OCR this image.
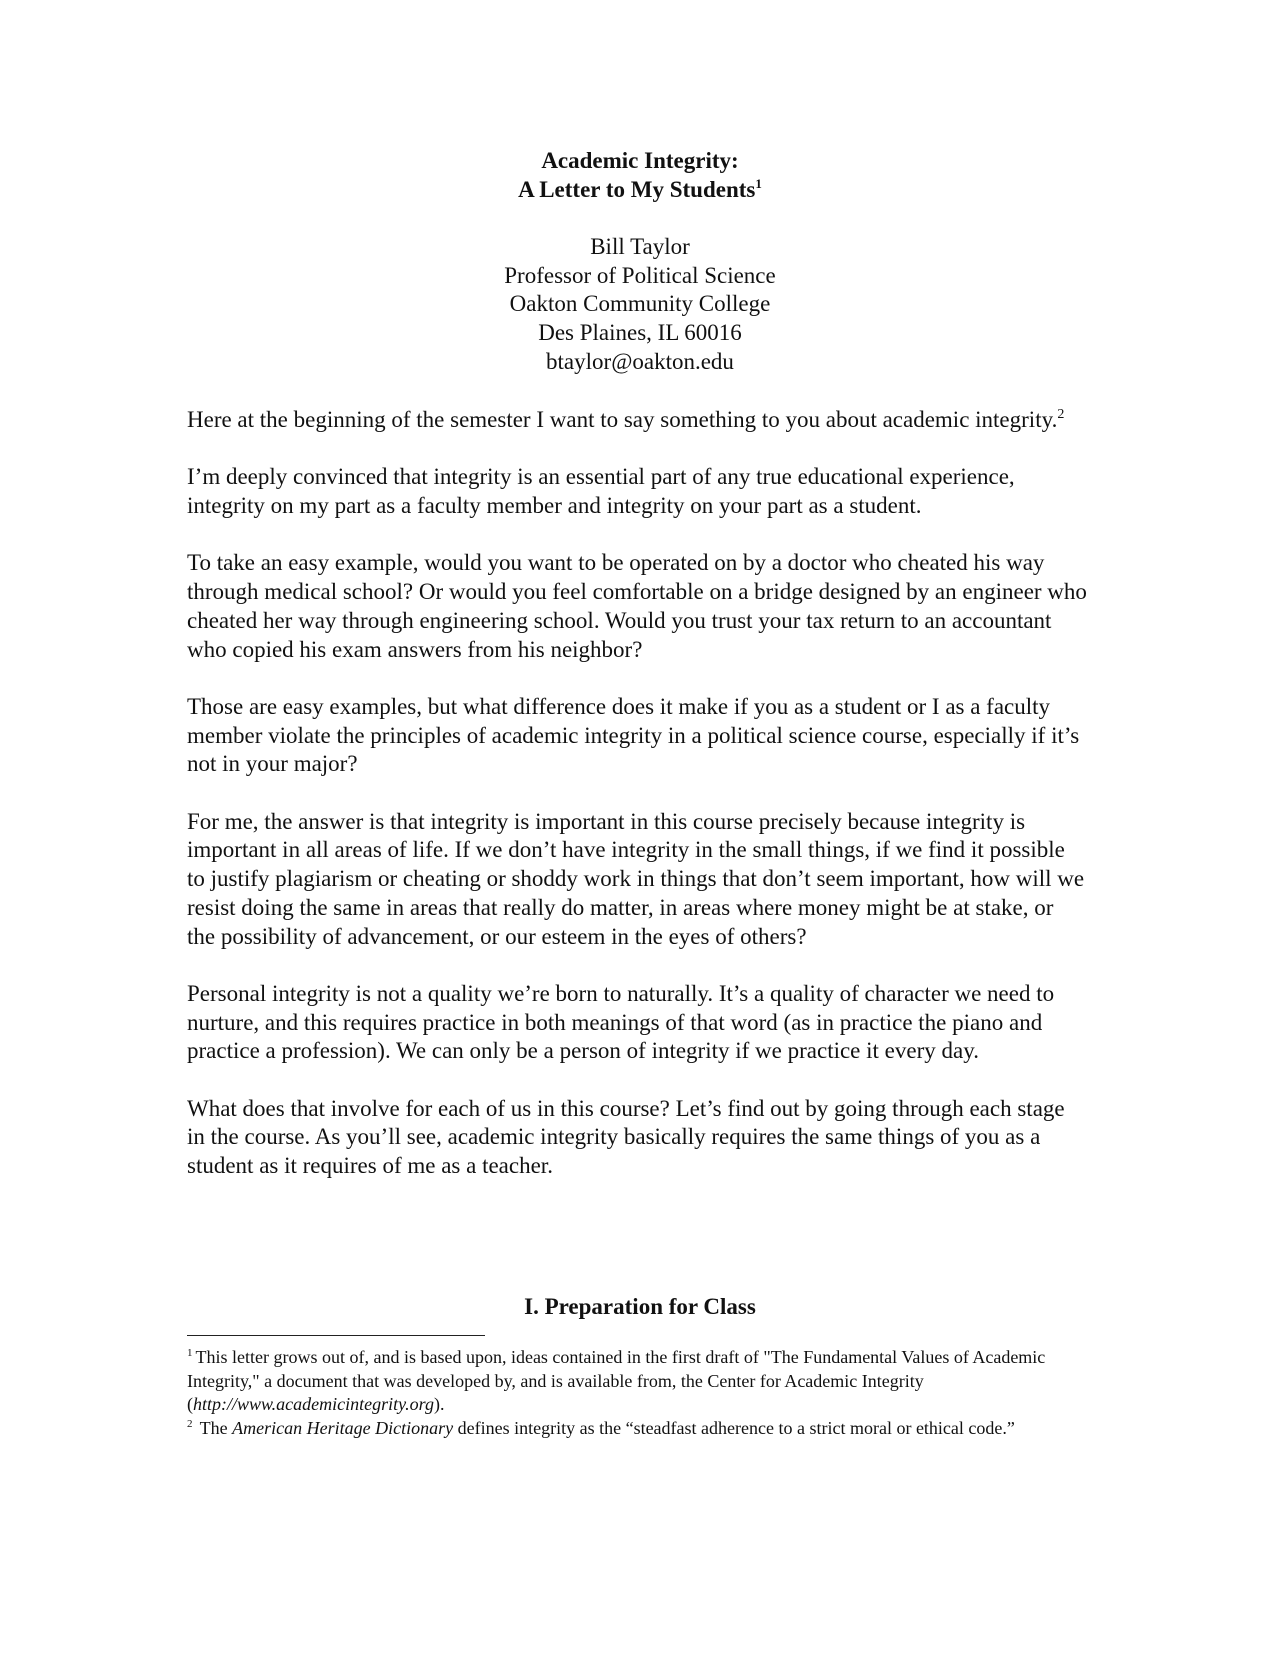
Academic Integrity:
A Letter to My Students$^1$
Bill Taylor
Professor of Political Science
Oakton Community College
Des Plaines, IL 60016
btaylor@oakton.edu

Here at the beginning of the semester I want to say something to you about academic integrity.$^2$

I’m deeply convinced that integrity is an essential part of any true educational experience, integrity on my part as a faculty member and integrity on your part as a student.

To take an easy example, would you want to be operated on by a doctor who cheated his way through medical school? Or would you feel comfortable on a bridge designed by an engineer who cheated her way through engineering school. Would you trust your tax return to an accountant who copied his exam answers from his neighbor?

Those are easy examples, but what difference does it make if you as a student or I as a faculty member violate the principles of academic integrity in a political science course, especially if it’s not in your major?

For me, the answer is that integrity is important in this course precisely because integrity is important in all areas of life. If we don’t have integrity in the small things, if we find it possible to justify plagiarism or cheating or shoddy work in things that don’t seem important, how will we resist doing the same in areas that really do matter, in areas where money might be at stake, or the possibility of advancement, or our esteem in the eyes of others?

Personal integrity is not a quality we’re born to naturally. It’s a quality of character we need to nurture, and this requires practice in both meanings of that word (as in practice the piano and practice a profession). We can only be a person of integrity if we practice it every day.

What does that involve for each of us in this course? Let’s find out by going through each stage in the course. As you’ll see, academic integrity basically requires the same things of you as a student as it requires of me as a teacher.

I. Preparation for Class

$^1$ This letter grows out of, and is based upon, ideas contained in the first draft of "The Fundamental Values of Academic Integrity," a document that was developed by, and is available from, the Center for Academic Integrity (http://www.academicintegrity.org).

$^2$ The American Heritage Dictionary defines integrity as the “steadfast adherence to a strict moral or ethical code.”
